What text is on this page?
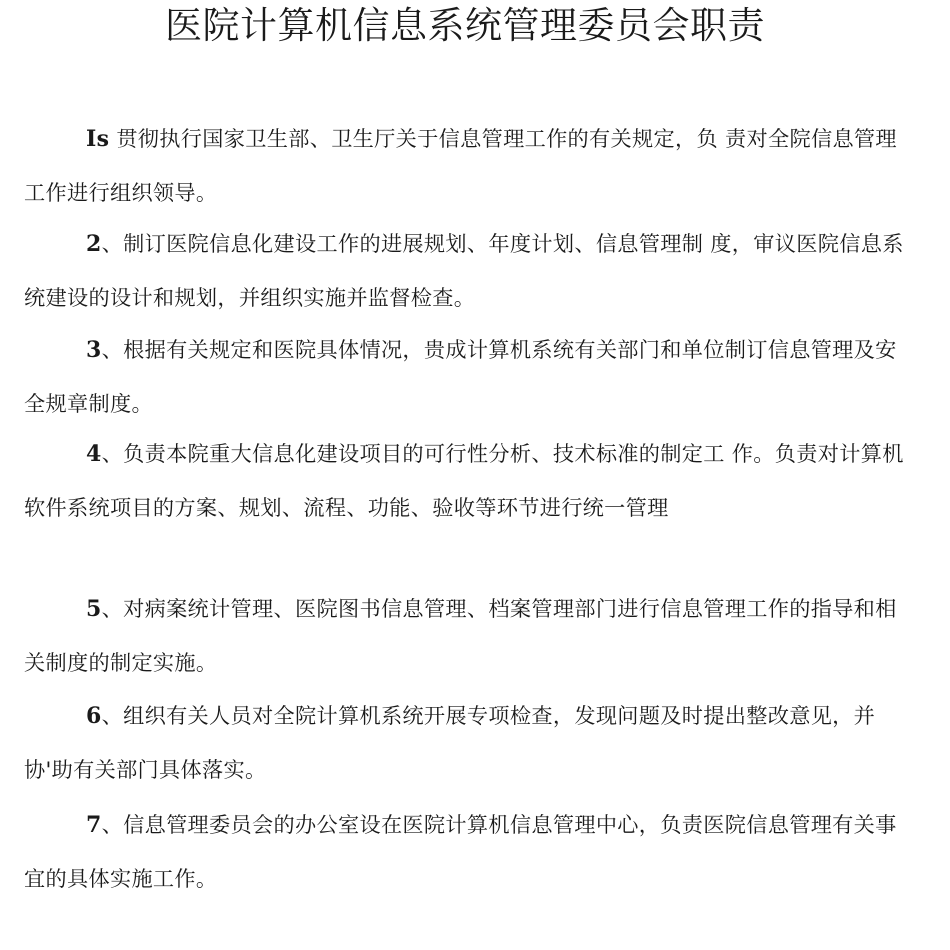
医院计算机信息系统管理委员会职责

Is 贯彻执行国家卫生部、卫生厅关于信息管理工作的有关规定，负 责对全院信息管理工作进行组织领导。

2、制订医院信息化建设工作的进展规划、年度计划、信息管理制 度，审议医院信息系统建设的设计和规划，并组织实施并监督检查。

3、根据有关规定和医院具体情况，贵成计算机系统有关部门和单位制订信息管理及安全规章制度。

4、负责本院重大信息化建设项目的可行性分析、技术标准的制定工 作。负责对计算机软件系统项目的方案、规划、流程、功能、验收等环节进行统一管理

5、对病案统计管理、医院图书信息管理、档案管理部门进行信息管理工作的指导和相关制度的制定实施。

6、组织有关人员对全院计算机系统开展专项检查，发现问题及时提出整改意见，并协'助有关部门具体落实。

7、信息管理委员会的办公室设在医院计算机信息管理中心，负责医院信息管理有关事宜的具体实施工作。
